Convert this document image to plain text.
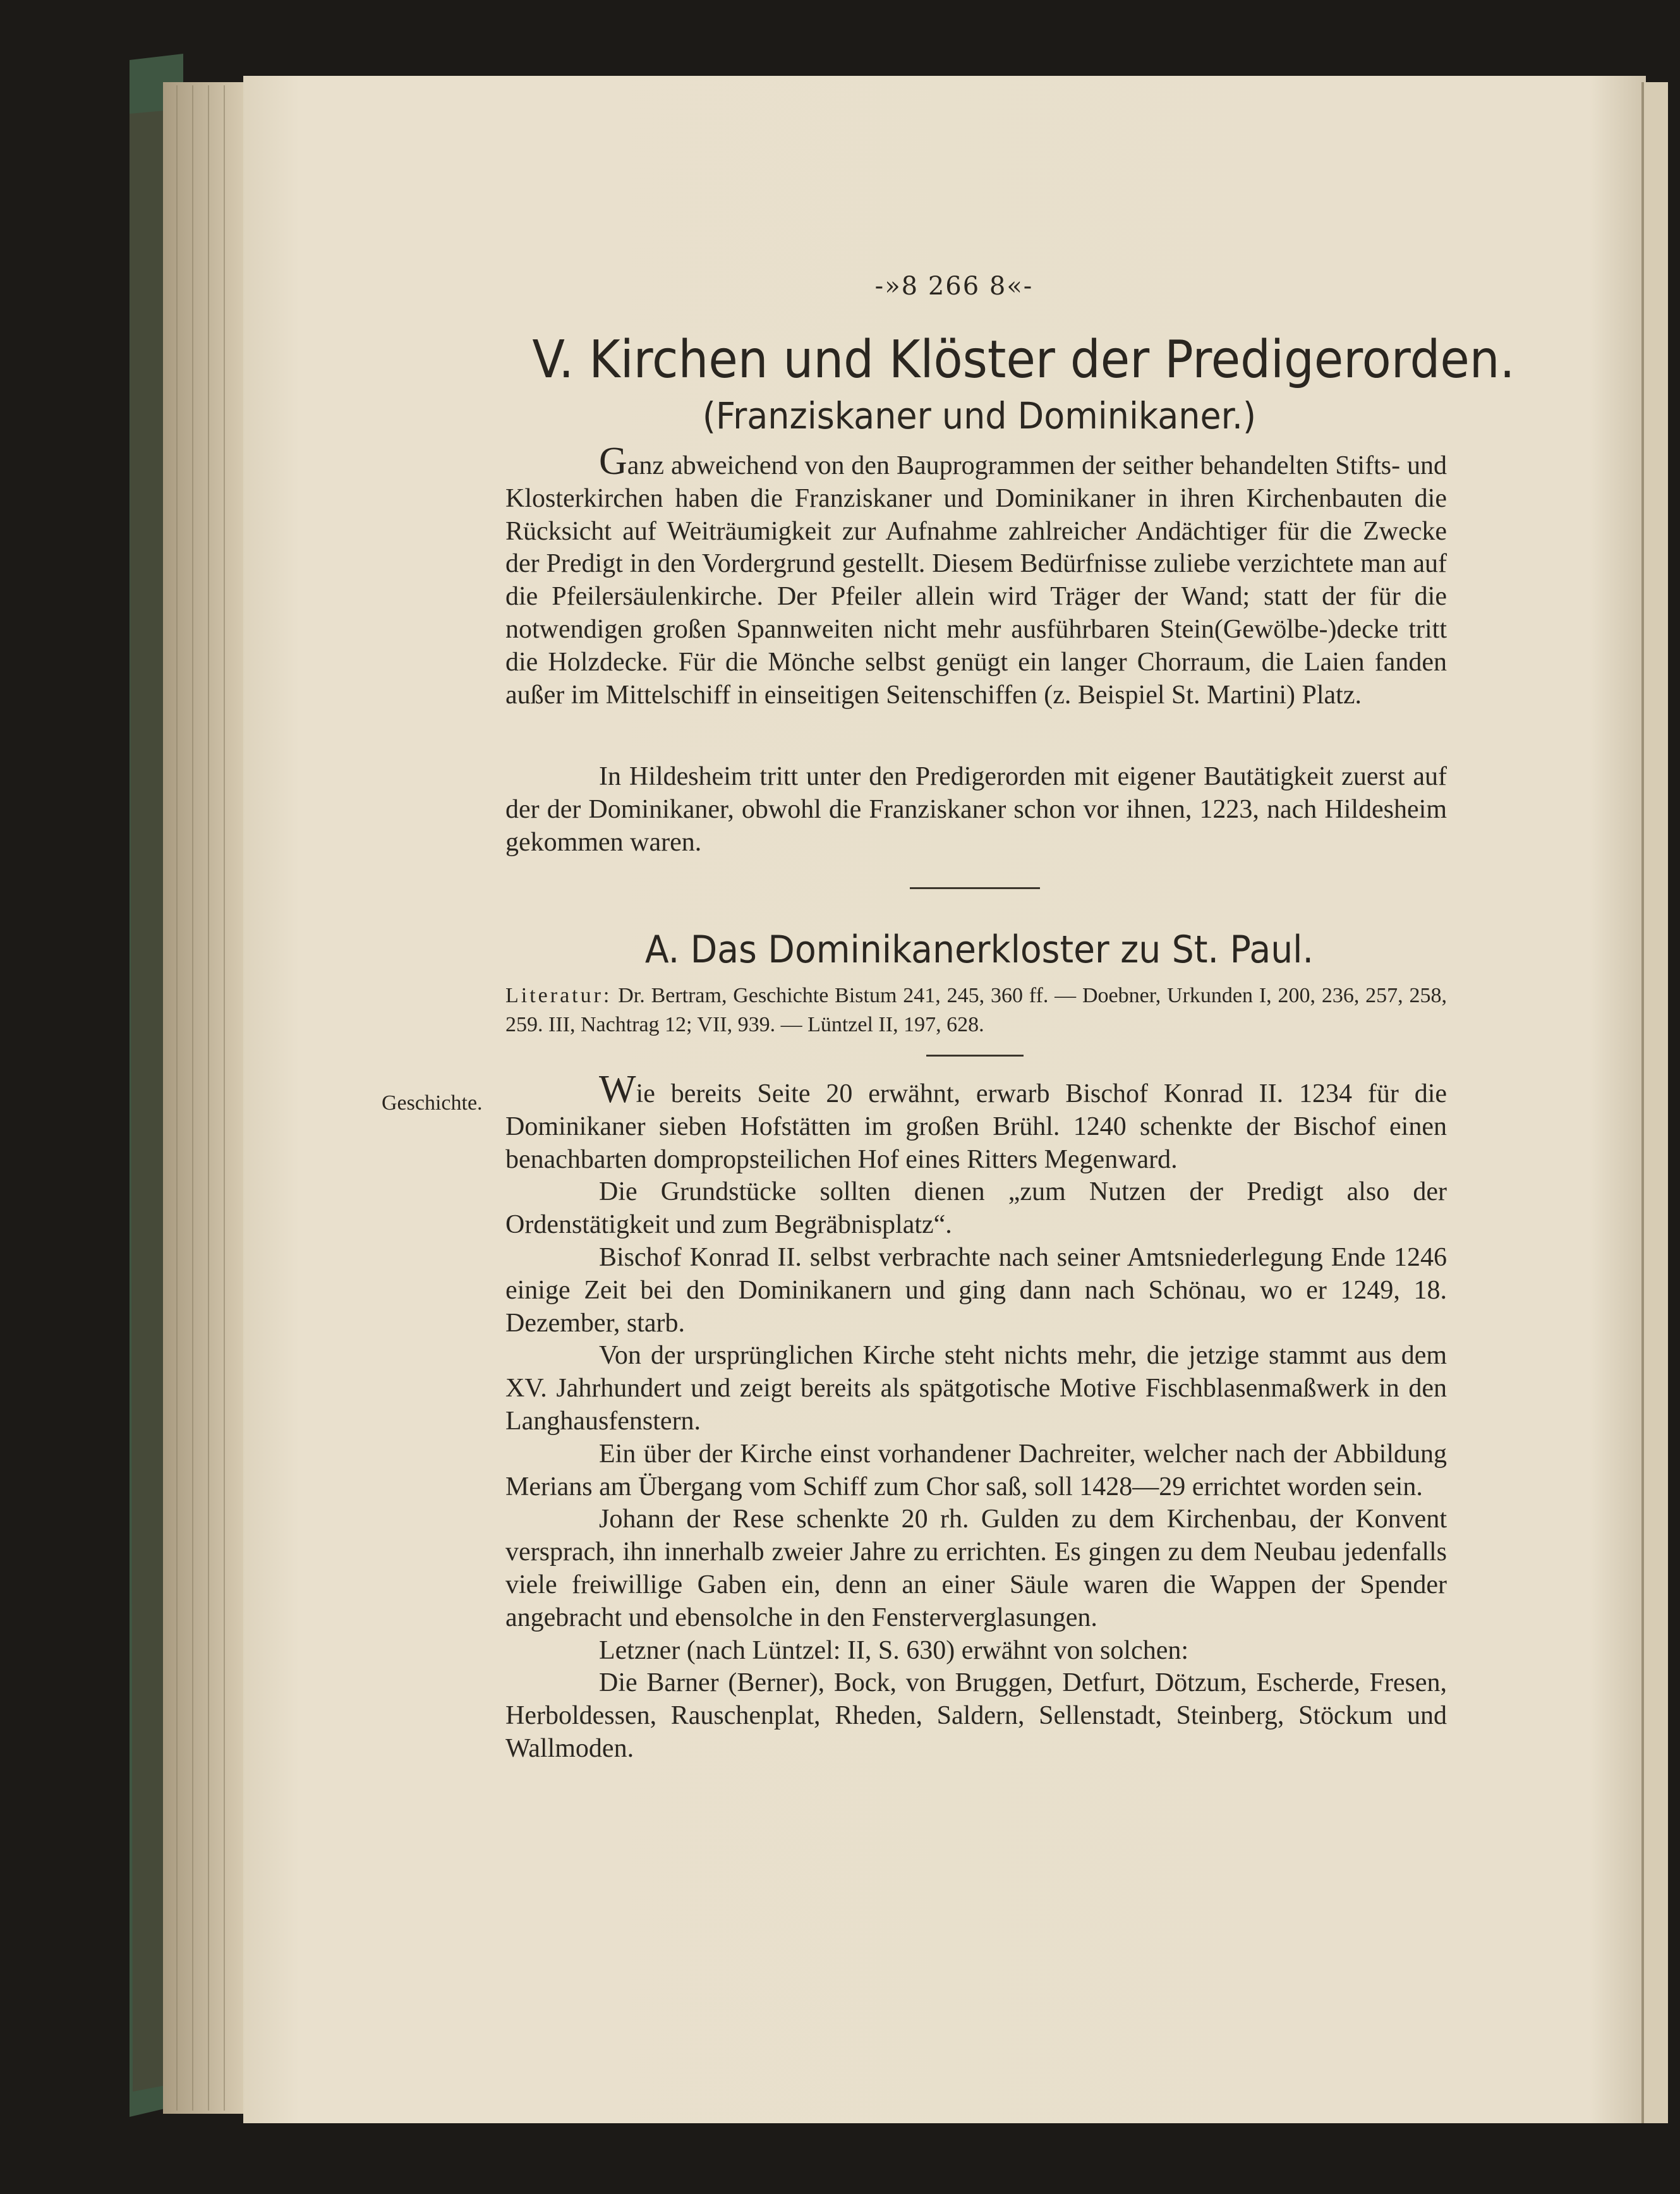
-»8 266 8«-
V. Kirchen und Klöster der Predigerorden.
(Franziskaner und Dominikaner.)

Ganz abweichend von den Bauprogrammen der seither behandelten Stifts- und Klosterkirchen haben die Franziskaner und Dominikaner in ihren Kirchenbauten die Rücksicht auf Weiträumigkeit zur Aufnahme zahlreicher Andächtiger für die Zwecke der Predigt in den Vordergrund gestellt. Diesem Bedürfnisse zuliebe verzichtete man auf die Pfeilersäulenkirche. Der Pfeiler allein wird Träger der Wand; statt der für die notwendigen großen Spannweiten nicht mehr ausführbaren Stein(Gewölbe-)decke tritt die Holzdecke. Für die Mönche selbst genügt ein langer Chorraum, die Laien fanden außer im Mittelschiff in einseitigen Seitenschiffen (z. Beispiel St. Martini) Platz.

In Hildesheim tritt unter den Predigerorden mit eigener Bautätigkeit zuerst auf der der Dominikaner, obwohl die Franziskaner schon vor ihnen, 1223, nach Hildesheim gekommen waren.

A. Das Dominikanerkloster zu St. Paul.
Literatur: Dr. Bertram, Geschichte Bistum 241, 245, 360 ff. — Doebner, Urkunden I, 200, 236, 257, 258, 259. III, Nachtrag 12; VII, 939. — Lüntzel II, 197, 628.
Geschichte.	Wie bereits Seite 20 erwähnt, erwarb Bischof Konrad II. 1234 für die Dominikaner sieben Hofstätten im großen Brühl. 1240 schenkte der Bischof einen benachbarten dompropsteilichen Hof eines Ritters Megenward.

Die Grundstücke sollten dienen „zum Nutzen der Predigt also der Ordenstätigkeit und zum Begräbnisplatz“.

Bischof Konrad II. selbst verbrachte nach seiner Amtsniederlegung Ende 1246 einige Zeit bei den Dominikanern und ging dann nach Schönau, wo er 1249, 18. Dezember, starb.

Von der ursprünglichen Kirche steht nichts mehr, die jetzige stammt aus dem XV. Jahrhundert und zeigt bereits als spätgotische Motive Fischblasenmaßwerk in den Langhausfenstern.

Ein über der Kirche einst vorhandener Dachreiter, welcher nach der Abbildung Merians am Übergang vom Schiff zum Chor saß, soll 1428—29 errichtet worden sein.

Johann der Rese schenkte 20 rh. Gulden zu dem Kirchenbau, der Konvent versprach, ihn innerhalb zweier Jahre zu errichten. Es gingen zu dem Neubau jedenfalls viele freiwillige Gaben ein, denn an einer Säule waren die Wappen der Spender angebracht und ebensolche in den Fensterverglasungen.

Letzner (nach Lüntzel: II, S. 630) erwähnt von solchen:

Die Barner (Berner), Bock, von Bruggen, Detfurt, Dötzum, Escherde, Fresen, Herboldessen, Rauschenplat, Rheden, Saldern, Sellenstadt, Steinberg, Stöckum und Wallmoden.
